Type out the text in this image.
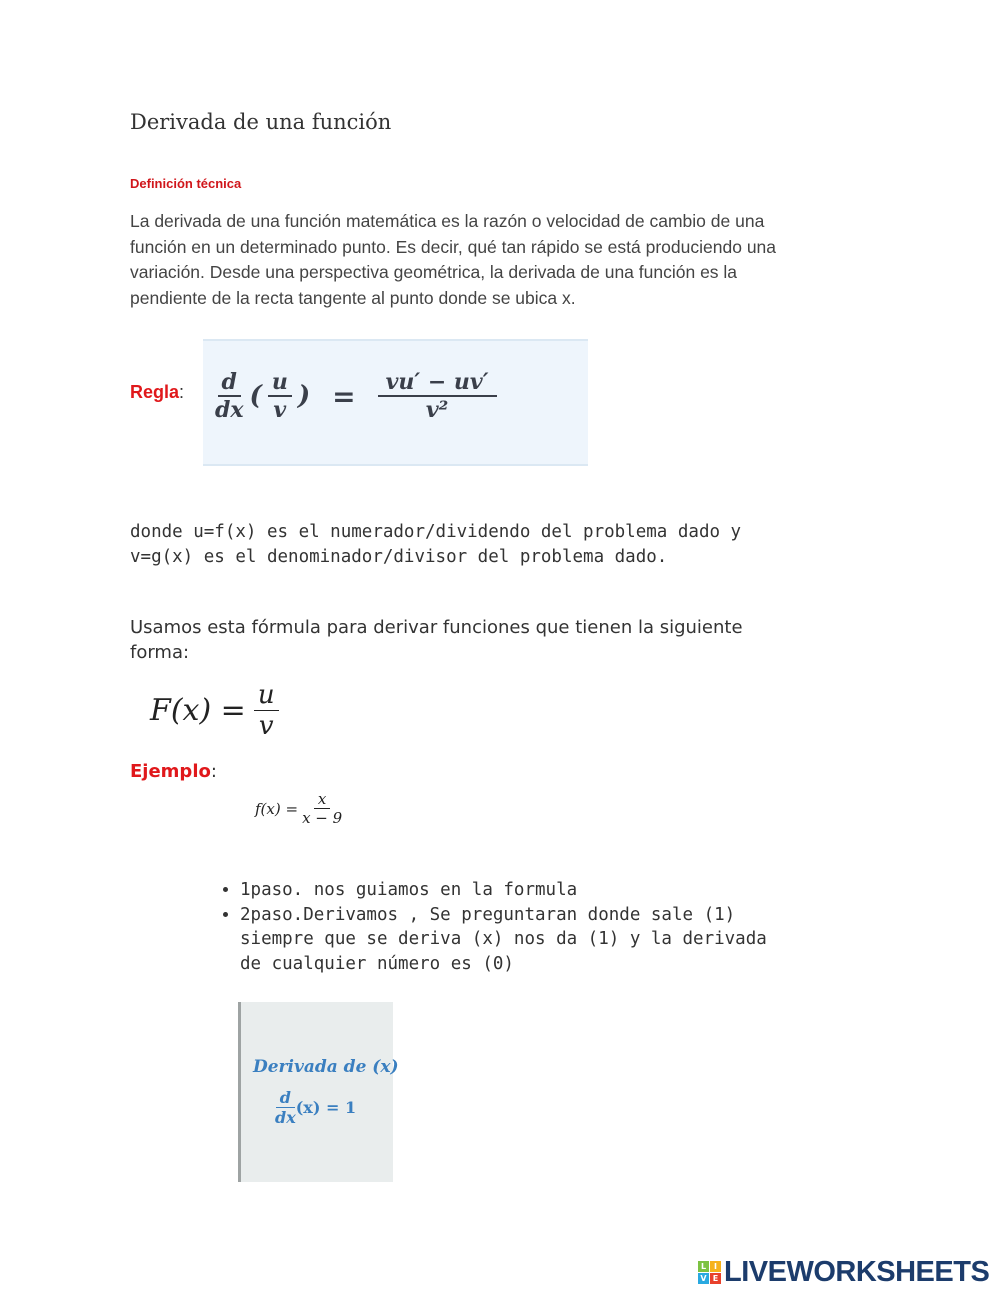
Derivada de una función
Definición técnica
La derivada de una función matemática es la razón o velocidad de cambio de una función en un determinado punto. Es decir, qué tan rápido se está produciendo una variación. Desde una perspectiva geométrica, la derivada de una función es la pendiente de la recta tangente al punto donde se ubica x.
Regla: $\frac{d}{dx}$ ( $\frac{u}{v}$ ) = $\frac{vu' - uv'}{\text{v²}}$
donde u=f(x) es el numerador/dividendo del problema dado y v=g(x) es el denominador/divisor del problema dado.
Usamos esta fórmula para derivar funciones que tienen la siguiente forma:
$F(x) = \frac{u}{v}$
Ejemplo:
$f(x) = \frac{x}{x - 9}$
• 1paso. nos guiamos en la formula
• 2paso.Derivamos , Se preguntaran donde sale (1) siempre que se deriva (x) nos da (1) y la derivada de cualquier número es (0)
Derivada de (x)
$\frac{d}{dx} (x) = 1$
L I
V E LIVEWORKSHEETS
